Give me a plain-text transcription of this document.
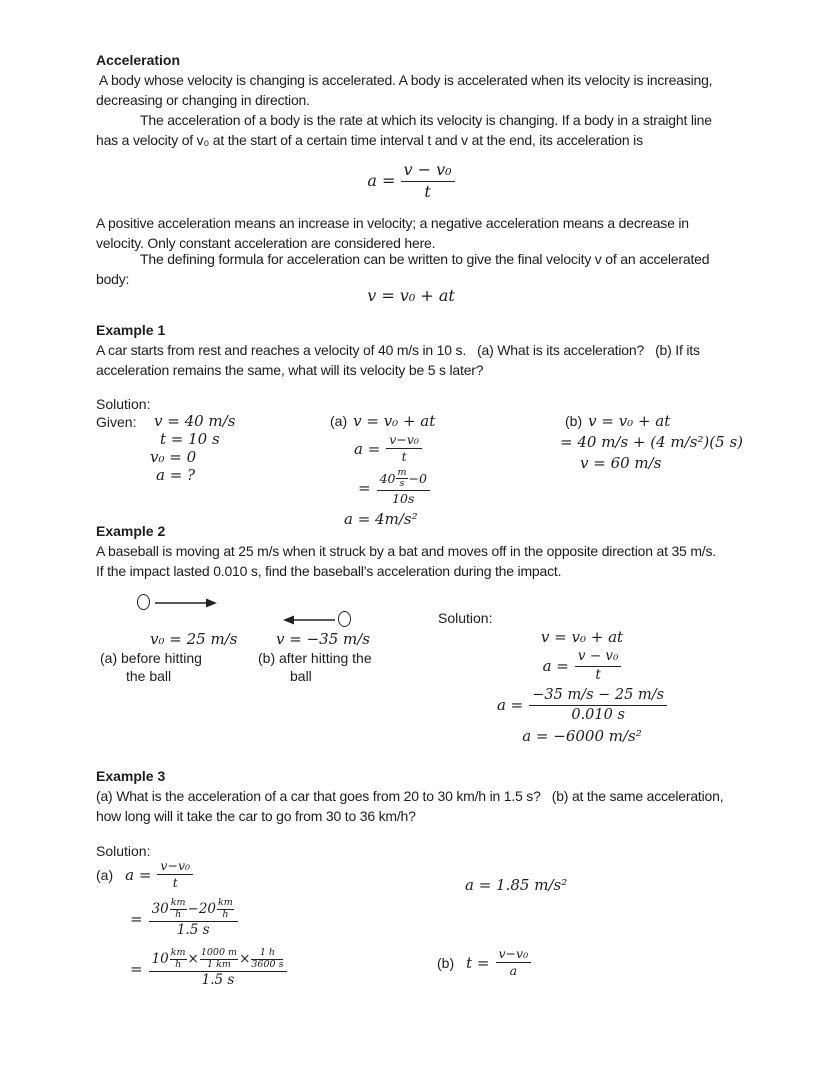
Acceleration
A body whose velocity is changing is accelerated. A body is accelerated when its velocity is increasing,
decreasing or changing in direction.
The acceleration of a body is the rate at which its velocity is changing. If a body in a straight line
has a velocity of v₀ at the start of a certain time interval t and v at the end, its acceleration is
$a = \frac{\text{v − v₀}}{t}$
A positive acceleration means an increase in velocity; a negative acceleration means a decrease in
velocity. Only constant acceleration are considered here.
The defining formula for acceleration can be written to give the final velocity v of an accelerated
body:
v = v₀ + at
Example 1
A car starts from rest and reaches a velocity of 40 m/s in 10 s.   (a) What is its acceleration?   (b) If its
acceleration remains the same, what will its velocity be 5 s later?
Solution:
Given: v = 40 m/s
t = 10 s
v₀ = 0
a = ?
(a) v = v₀ + at
$a = \frac{\text{v−v₀}}{t}$
= $\frac{40 \frac{m}{s} -0}{10s}$
a = 4m/s²
(b) v = v₀ + at
= 40 m/s + (4 m/s²)(5 s)
v = 60 m/s
Example 2
A baseball is moving at 25 m/s when it struck by a bat and moves off in the opposite direction at 35 m/s.
If the impact lasted 0.010 s, find the baseball’s acceleration during the impact.
v₀ = 25 m/s
(a) before hitting
the ball
v = −35 m/s
(b) after hitting the
ball
Solution:
v = v₀ + at
$a = \frac{\text{v − v₀}}{t}$
$a = \frac{-35 m/s - 25 m/s}{0.010 s}$
a = −6000 m/s²
Example 3
(a) What is the acceleration of a car that goes from 20 to 30 km/h in 1.5 s?   (b) at the same acceleration,
how long will it take the car to go from 30 to 36 km/h?
Solution:
(a) $a = \frac{\text{v−v₀}}{t}$
= $\frac{30 \frac{km}{h} -20 \frac{km}{h}}{1.5 s}$
= $\frac{10 \frac{km}{h} \times \frac{1000 m}{1 km} \times \frac{1 h}{3600 s}}{1.5 s}$
a = 1.85 m/s²
(b) $t = \frac{\text{v−v₀}}{a}$
